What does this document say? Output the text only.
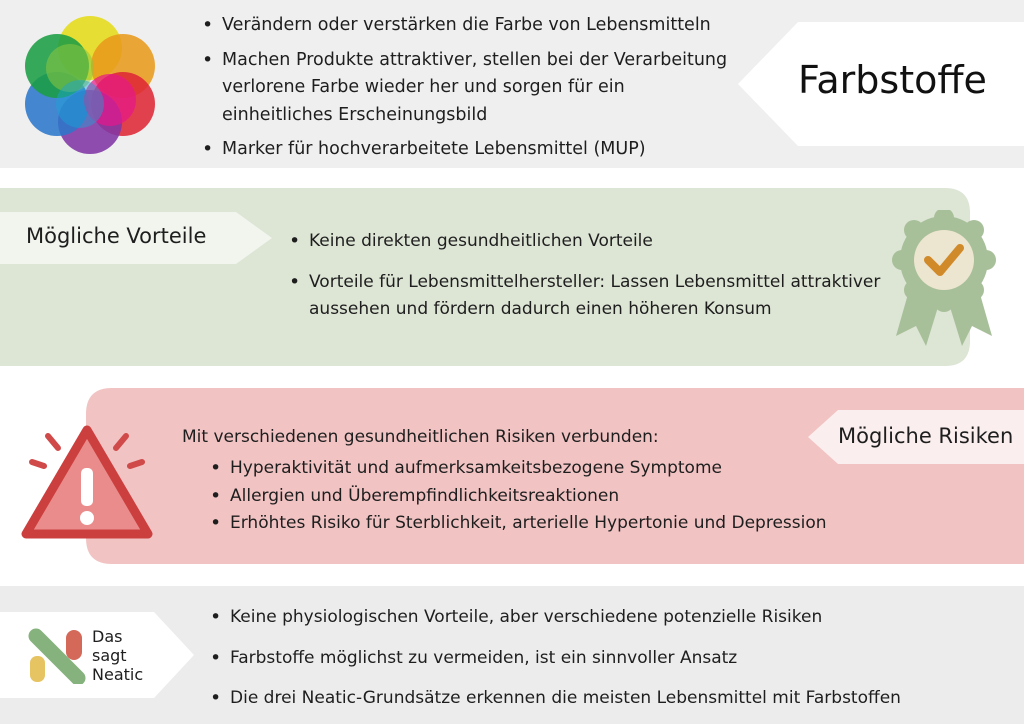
• Verändern oder verstärken die Farbe von Lebensmitteln
• Machen Produkte attraktiver, stellen bei der Verarbeitung verlorene Farbe wieder her und sorgen für ein einheitliches Erscheinungsbild
• Marker für hochverarbeitete Lebensmittel (MUP)
Farbstoffe
• Keine direkten gesundheitlichen Vorteile
• Vorteile für Lebensmittelhersteller: Lassen Lebensmittel attraktiver aussehen und fördern dadurch einen höheren Konsum
Mögliche Vorteile
Mit verschiedenen gesundheitlichen Risiken verbunden:
• Hyperaktivität und aufmerksamkeitsbezogene Symptome
• Allergien und Überempfindlichkeitsreaktionen
• Erhöhtes Risiko für Sterblichkeit, arterielle Hypertonie und Depression
Mögliche Risiken
• Keine physiologischen Vorteile, aber verschiedene potenzielle Risiken
• Farbstoffe möglichst zu vermeiden, ist ein sinnvoller Ansatz
• Die drei Neatic-Grundsätze erkennen die meisten Lebensmittel mit Farbstoffen
Das
sagt
Neatic
